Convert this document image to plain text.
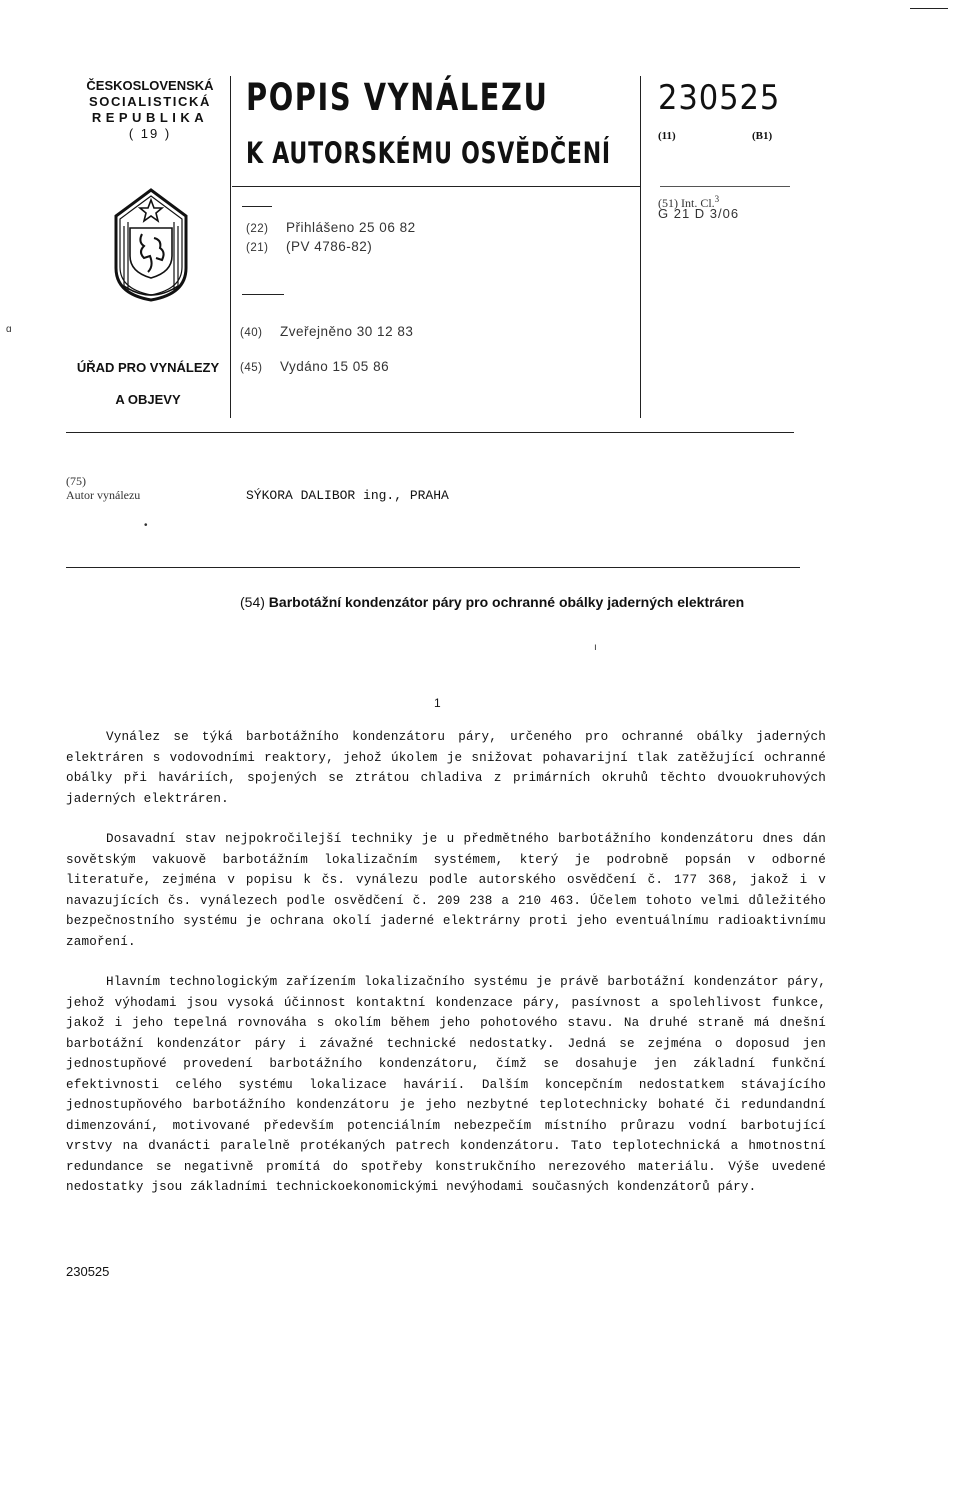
ČESKOSLOVENSKÁ
SOCIALISTICKÁ
REPUBLIKA
( 19 )
ÚŘAD PRO VYNÁLEZY
A OBJEVY
POPIS VYNÁLEZU
K AUTORSKÉMU OSVĚDČENÍ
230525
(11)	(B1)
(51) Int. Cl.$^3$
G 21 D 3/06
(22) Přihlášeno 25 06 82
(21) (PV 4786-82)
(40) Zveřejněno 30 12 83
(45) Vydáno 15 05 86
(75)
Autor vynálezu	SÝKORA DALIBOR ing., PRAHA
(54) Barbotážní kondenzátor páry pro ochranné obálky jaderných elektráren
1
Vynález se týká barbotážního kondenzátoru páry, určeného pro ochranné obálky jaderných elektráren s vodovodními reaktory, jehož úkolem je snižovat pohavarijní tlak zatěžující ochranné obálky při haváriích, spojených se ztrátou chladiva z primárních okruhů těchto dvouokruhových jaderných elektráren.
Dosavadní stav nejpokročilejší techniky je u předmětného barbotážního kondenzátoru dnes dán sovětským vakuově barbotážním lokalizačním systémem, který je podrobně popsán v odborné literatuře, zejména v popisu k čs. vynálezu podle autorského osvědčení č. 177 368, jakož i v navazujících čs. vynálezech podle osvědčení č. 209 238 a 210 463. Účelem tohoto velmi důležitého bezpečnostního systému je ochrana okolí jaderné elektrárny proti jeho eventuálnímu radioaktivnímu zamoření.
Hlavním technologickým zařízením lokalizačního systému je právě barbotážní kondenzátor páry, jehož výhodami jsou vysoká účinnost kontaktní kondenzace páry, pasívnost a spolehlivost funkce, jakož i jeho tepelná rovnováha s okolím během jeho pohotového stavu. Na druhé straně má dnešní barbotážní kondenzátor páry i závažné technické nedostatky. Jedná se zejména o doposud jen jednostupňové provedení barbotážního kondenzátoru, čímž se dosahuje jen základní funkční efektivnosti celého systému lokalizace havárií. Dalším koncepčním nedostatkem stávajícího jednostupňového barbotážního kondenzátoru je jeho nezbytné teplotechnicky bohaté či redundandní dimenzování, motivované především potenciálním nebezpečím místního průrazu vodní barbotující vrstvy na dvanácti paralelně protékaných patrech kondenzátoru. Tato teplotechnická a hmotnostní redundance se negativně promítá do spotřeby konstrukčního nerezového materiálu. Výše uvedené nedostatky jsou základními technickoekonomickými nevýhodami současných kondenzátorů páry.
230525
•
ı
ɑ
